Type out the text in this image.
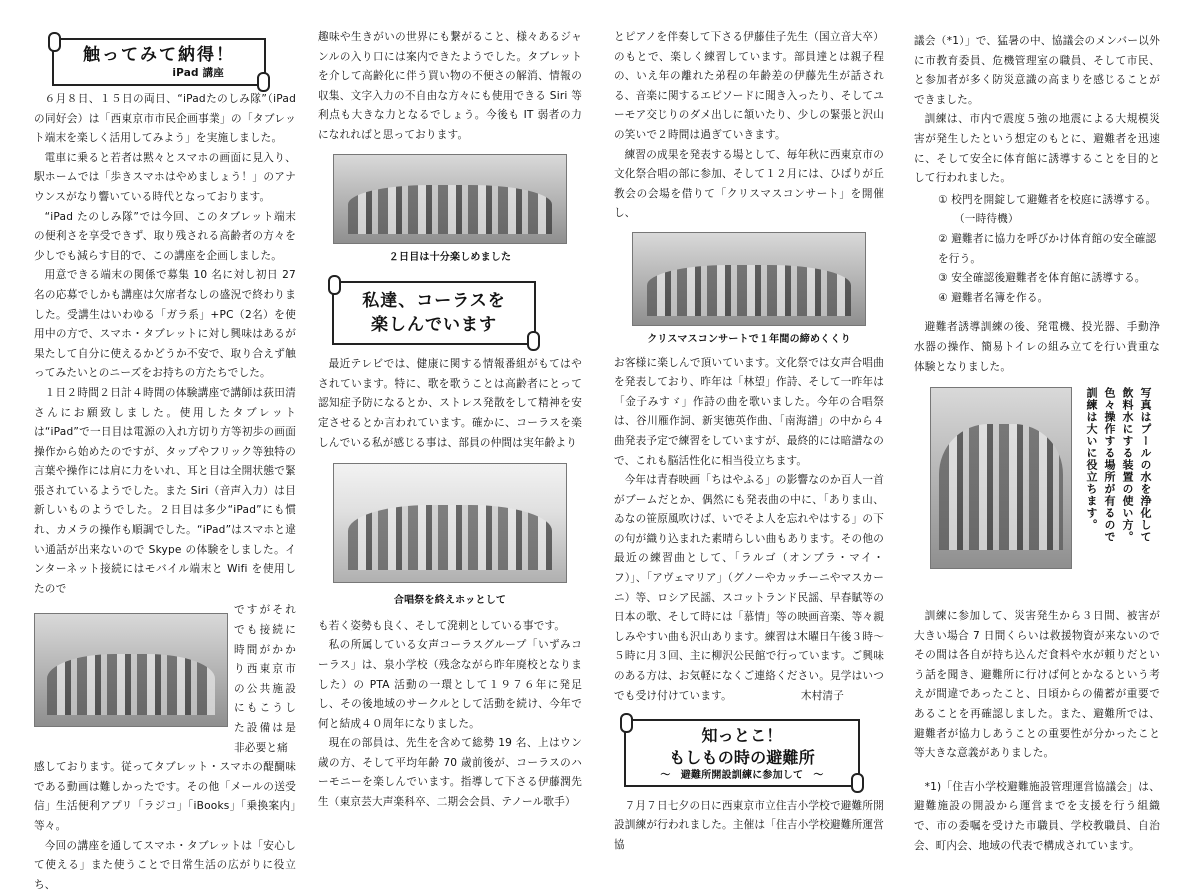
触ってみて納得！
iPad 講座

６月８日、１５日の両日、“iPadたのしみ隊”（iPadの同好会）は「西東京市市民企画事業」の「タブレット端末を楽しく活用してみよう」を実施しました。

電車に乗ると若者は黙々とスマホの画面に見入り、駅ホームでは「歩きスマホはやめましょう！」のアナウンスがなり響いている時代となっております。

“iPad たのしみ隊”では今回、このタブレット端末の便利さを享受できず、取り残される高齢者の方々を少しでも減らす目的で、この講座を企画しました。

用意できる端末の関係で募集 10 名に対し初日 27 名の応募でしかも講座は欠席者なしの盛況で終わりました。受講生はいわゆる「ガラ系」+PC（2名）を使用中の方で、スマホ・タブレットに対し興味はあるが果たして自分に使えるかどうか不安で、取り合えず触ってみたいとのニーズをお持ちの方たちでした。

１日２時間２日計４時間の体験講座で講師は荻田清さんにお願致しました。使用したタブレットは“iPad”で一日目は電源の入れ方切り方等初歩の画面操作から始めたのですが、タップやフリック等独特の言葉や操作には肩に力をいれ、耳と目は全開状態で緊張されているようでした。また Siri（音声入力）は目新しいものようでした。２日目は多少“iPad”にも慣れ、カメラの操作も順調でした。“iPad”はスマホと違い通話が出来ないので Skype の体験をしました。インターネット接続にはモバイル端末と Wifi を使用したので

ですがそれでも接続に時間がかかり西東京市の公共施設にもこうした設備は是非必要と痛

感しております。従ってタブレット・スマホの醍醐味である動画は難しかったです。その他「メールの送受信」生活便利アプリ「ラジコ」「iBooks」「乗換案内」等々。

今回の講座を通してスマホ・タブレットは「安心して使える」また使うことで日常生活の広がりに役立ち、

趣味や生きがいの世界にも繋がること、様々あるジャンルの入り口には案内できたようでした。タブレットを介して高齢化に伴う買い物の不便さの解消、情報の収集、文字入力の不自由な方々にも使用できる Siri 等利点も大きな力となるでしょう。今後も IT 弱者の力になれればと思っております。

２日目は十分楽しめました
私達、コーラスを
楽しんでいます

最近テレビでは、健康に関する情報番組がもてはやされています。特に、歌を歌うことは高齢者にとって認知症予防になるとか、ストレス発散をして精神を安定させるとか言われています。確かに、コーラスを楽しんでいる私が感じる事は、部員の仲間は実年齢より

合唱祭を終えホッとして

も若く姿勢も良く、そして溌剌としている事です。

私の所属している女声コーラスグループ「いずみコーラス」は、泉小学校（残念ながら昨年廃校となりました）の PTA 活動の一環として１９７６年に発足し、その後地域のサークルとして活動を続け、今年で何と結成４０周年になりました。

現在の部員は、先生を含めて総勢 19 名、上はウン歳の方、そして平均年齢 70 歳前後が、コーラスのハーモニーを楽しんでいます。指導して下さる伊藤潤先生（東京芸大声楽科卒、二期会会員、テノール歌手）

とピアノを伴奏して下さる伊藤佳子先生（国立音大卒）のもとで、楽しく練習しています。部員達とは親子程の、いえ年の離れた弟程の年齢差の伊藤先生が話される、音楽に関するエピソードに聞き入ったり、そしてユーモア交じりのダメ出しに頷いたり、少しの緊張と沢山の笑いで２時間は過ぎていきます。

練習の成果を発表する場として、毎年秋に西東京市の文化祭合唱の部に参加、そして１２月には、ひばりが丘教会の会場を借りて「クリスマスコンサート」を開催し、

クリスマスコンサートで１年間の締めくくり

お客様に楽しんで頂いています。文化祭では女声合唱曲を発表しており、昨年は「林望」作詩、そして一昨年は「金子みすゞ」作詩の曲を歌いました。今年の合唱祭は、谷川雁作詞、新実徳英作曲、「南海譜」の中から４曲発表予定で練習をしていますが、最終的には暗譜なので、これも脳活性化に相当役立ちます。

今年は青春映画「ちはやふる」の影響なのか百人一首がブームだとか、偶然にも発表曲の中に、「ありま山、ゐなの笹原風吹けば、いでそよ人を忘れやはする」の下の句が織り込まれた素晴らしい曲もあります。その他の最近の練習曲として、「ラルゴ（オンブラ・マイ・フ）」、「アヴェマリア」（グノーやカッチーニやマスカーニ）等、ロシア民謡、スコットランド民謡、早春賦等の日本の歌、そして時には「慕情」等の映画音楽、等々親しみやすい曲も沢山あります。練習は木曜日午後３時〜５時に月３回、主に柳沢公民館で行っています。ご興味のある方は、お気軽になくご連絡ください。見学はいつでも受け付けています。	木村清子
知っとこ！
もしもの時の避難所
〜　避難所開設訓練に参加して　〜

７月７日七夕の日に西東京市立住吉小学校で避難所開設訓練が行われました。主催は「住吉小学校避難所運営協

議会（*1）」で、猛暑の中、協議会のメンバー以外に市教育委員、危機管理室の職員、そして市民、と参加者が多く防災意識の高まりを感じることができました。

訓練は、市内で震度５強の地震による大規模災害が発生したという想定のもとに、避難者を迅速に、そして安全に体育館に誘導することを目的として行われました。

① 校門を開錠して避難者を校庭に誘導する。
（一時待機）
② 避難者に協力を呼びかけ体育館の安全確認を行う。
③ 安全確認後避難者を体育館に誘導する。
④ 避難者名簿を作る。

避難者誘導訓練の後、発電機、投光器、手動浄水器の操作、簡易トイレの組み立てを行い貴重な体験となりました。

写真はプールの水を浄化して
飲料水にする装置の使い方。
色々操作する場所が有るので
訓練は大いに役立ちます。

訓練に参加して、災害発生から３日間、被害が大きい場合 7 日間くらいは救援物資が来ないのでその間は各自が持ち込んだ食料や水が頼りだという話を聞き、避難所に行けば何とかなるという考えが間違であったこと、日頃からの備蓄が重要であることを再確認しました。また、避難所では、避難者が協力しあうことの重要性が分かったこと等大きな意義がありました。

*1)「住吉小学校避難施設管理運営協議会」は、避難施設の開設から運営までを支援を行う組織で、市の委嘱を受けた市職員、学校教職員、自治会、町内会、地域の代表で構成されています。
